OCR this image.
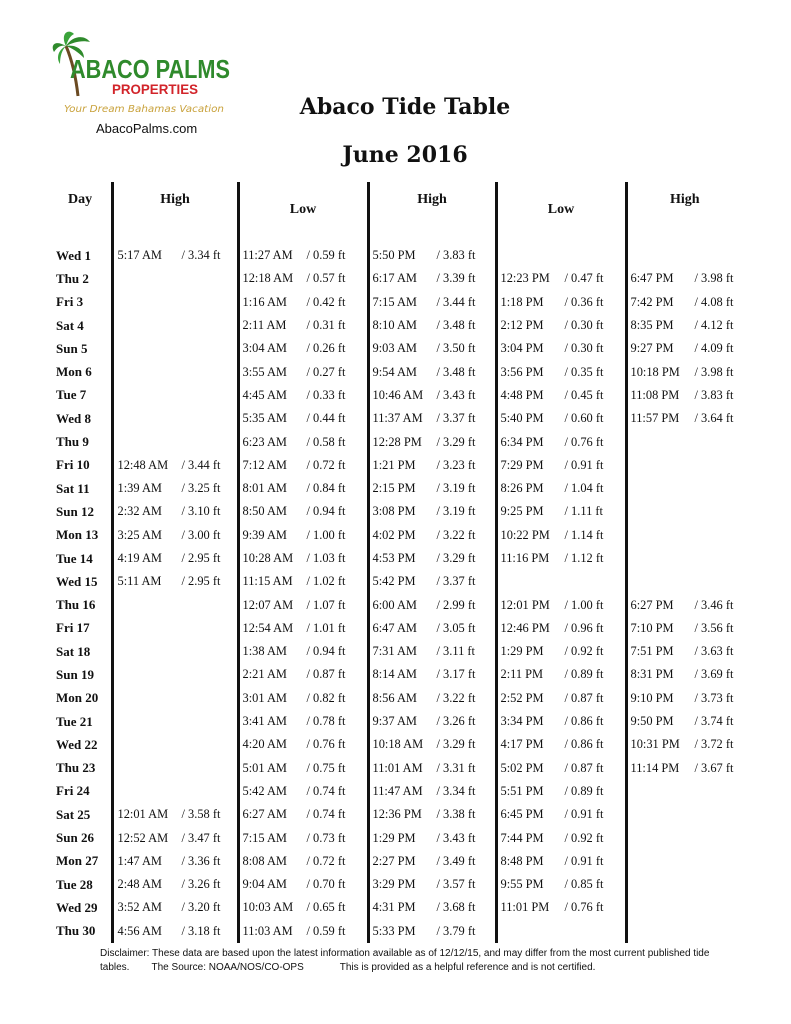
ABACO PALMS
PROPERTIES
Your Dream Bahamas Vacation
AbacoPalms.com
Abaco Tide Table
June 2016
Day	High	Low	High	Low	High
Wed 1	5:17 AM / 3.34 ft	11:27 AM / 0.59 ft	5:50 PM / 3.83 ft		
Thu 2		12:18 AM / 0.57 ft	6:17 AM / 3.39 ft	12:23 PM / 0.47 ft	6:47 PM / 3.98 ft
Fri 3		1:16 AM / 0.42 ft	7:15 AM / 3.44 ft	1:18 PM / 0.36 ft	7:42 PM / 4.08 ft
Sat 4		2:11 AM / 0.31 ft	8:10 AM / 3.48 ft	2:12 PM / 0.30 ft	8:35 PM / 4.12 ft
Sun 5		3:04 AM / 0.26 ft	9:03 AM / 3.50 ft	3:04 PM / 0.30 ft	9:27 PM / 4.09 ft
Mon 6		3:55 AM / 0.27 ft	9:54 AM / 3.48 ft	3:56 PM / 0.35 ft	10:18 PM / 3.98 ft
Tue 7		4:45 AM / 0.33 ft	10:46 AM / 3.43 ft	4:48 PM / 0.45 ft	11:08 PM / 3.83 ft
Wed 8		5:35 AM / 0.44 ft	11:37 AM / 3.37 ft	5:40 PM / 0.60 ft	11:57 PM / 3.64 ft
Thu 9		6:23 AM / 0.58 ft	12:28 PM / 3.29 ft	6:34 PM / 0.76 ft	
Fri 10	12:48 AM / 3.44 ft	7:12 AM / 0.72 ft	1:21 PM / 3.23 ft	7:29 PM / 0.91 ft	
Sat 11	1:39 AM / 3.25 ft	8:01 AM / 0.84 ft	2:15 PM / 3.19 ft	8:26 PM / 1.04 ft	
Sun 12	2:32 AM / 3.10 ft	8:50 AM / 0.94 ft	3:08 PM / 3.19 ft	9:25 PM / 1.11 ft	
Mon 13	3:25 AM / 3.00 ft	9:39 AM / 1.00 ft	4:02 PM / 3.22 ft	10:22 PM / 1.14 ft	
Tue 14	4:19 AM / 2.95 ft	10:28 AM / 1.03 ft	4:53 PM / 3.29 ft	11:16 PM / 1.12 ft	
Wed 15	5:11 AM / 2.95 ft	11:15 AM / 1.02 ft	5:42 PM / 3.37 ft		
Thu 16		12:07 AM / 1.07 ft	6:00 AM / 2.99 ft	12:01 PM / 1.00 ft	6:27 PM / 3.46 ft
Fri 17		12:54 AM / 1.01 ft	6:47 AM / 3.05 ft	12:46 PM / 0.96 ft	7:10 PM / 3.56 ft
Sat 18		1:38 AM / 0.94 ft	7:31 AM / 3.11 ft	1:29 PM / 0.92 ft	7:51 PM / 3.63 ft
Sun 19		2:21 AM / 0.87 ft	8:14 AM / 3.17 ft	2:11 PM / 0.89 ft	8:31 PM / 3.69 ft
Mon 20		3:01 AM / 0.82 ft	8:56 AM / 3.22 ft	2:52 PM / 0.87 ft	9:10 PM / 3.73 ft
Tue 21		3:41 AM / 0.78 ft	9:37 AM / 3.26 ft	3:34 PM / 0.86 ft	9:50 PM / 3.74 ft
Wed 22		4:20 AM / 0.76 ft	10:18 AM / 3.29 ft	4:17 PM / 0.86 ft	10:31 PM / 3.72 ft
Thu 23		5:01 AM / 0.75 ft	11:01 AM / 3.31 ft	5:02 PM / 0.87 ft	11:14 PM / 3.67 ft
Fri 24		5:42 AM / 0.74 ft	11:47 AM / 3.34 ft	5:51 PM / 0.89 ft	
Sat 25	12:01 AM / 3.58 ft	6:27 AM / 0.74 ft	12:36 PM / 3.38 ft	6:45 PM / 0.91 ft	
Sun 26	12:52 AM / 3.47 ft	7:15 AM / 0.73 ft	1:29 PM / 3.43 ft	7:44 PM / 0.92 ft	
Mon 27	1:47 AM / 3.36 ft	8:08 AM / 0.72 ft	2:27 PM / 3.49 ft	8:48 PM / 0.91 ft	
Tue 28	2:48 AM / 3.26 ft	9:04 AM / 0.70 ft	3:29 PM / 3.57 ft	9:55 PM / 0.85 ft	
Wed 29	3:52 AM / 3.20 ft	10:03 AM / 0.65 ft	4:31 PM / 3.68 ft	11:01 PM / 0.76 ft	
Thu 30	4:56 AM / 3.18 ft	11:03 AM / 0.59 ft	5:33 PM / 3.79 ft		
Disclaimer: These data are based upon the latest information available as of 12/12/15, and may differ from the most current published tide
tables.        The Source: NOAA/NOS/CO-OPS             This is provided as a helpful reference and is not certified.
